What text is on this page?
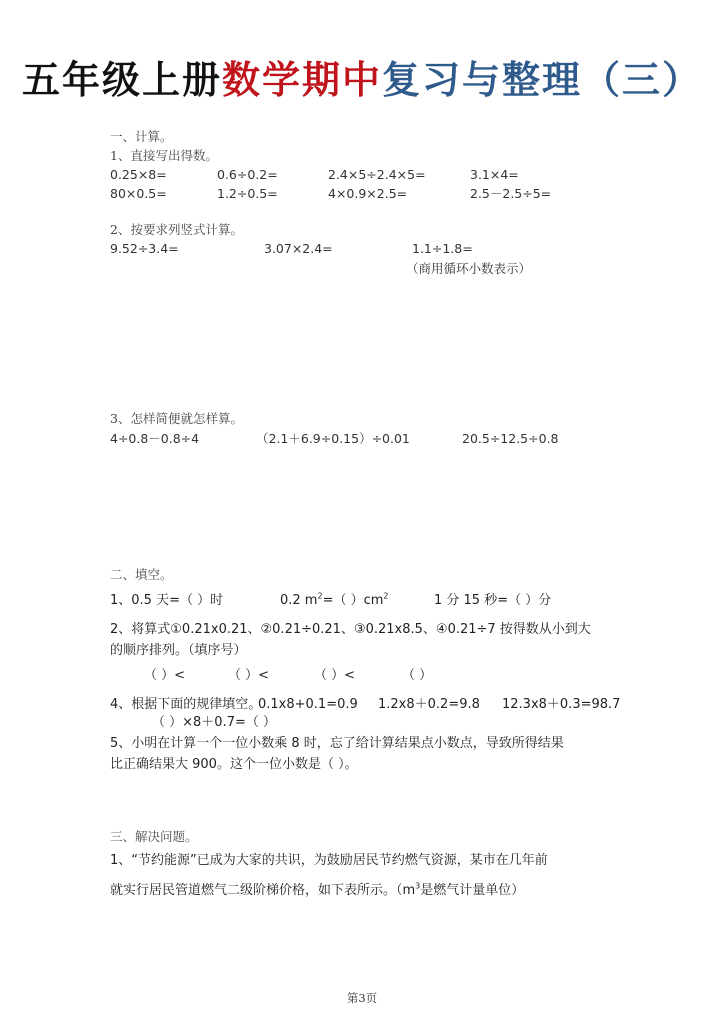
五年级上册数学期中复习与整理（三）
一、计算。
1、直接写出得数。
0.25×8=	0.6÷0.2=	2.4×5÷2.4×5=	3.1×4=
80×0.5=	1.2÷0.5=	4×0.9×2.5=	2.5－2.5÷5=
2、按要求列竖式计算。
9.52÷3.4=	3.07×2.4=	1.1÷1.8=
（商用循环小数表示）
3、怎样简便就怎样算。
4÷0.8－0.8÷4	（2.1＋6.9÷0.15）÷0.01	20.5÷12.5÷0.8
二、填空。
1、0.5 天=（ ）时	0.2 $m^2=$（ ）$cm^2$	1 分 15 秒=（ ）分
2、将算式①0.21x0.21、②0.21÷0.21、③0.21x8.5、④0.21÷7 按得数从小到大
的顺序排列。（填序号）
（ ）<	（ ）<	（ ）<	（ ）
4、根据下面的规律填空。
0.1x8+0.1=0.9 1.2x8＋0.2=9.8 12.3x8＋0.3=98.7
（ ）×8＋0.7=（ ）
5、小明在计算一个一位小数乘 8 时，忘了给计算结果点小数点，导致所得结果
比正确结果大 900。这个一位小数是（ ）。
三、解决问题。
1、“节约能源”已成为大家的共识，为鼓励居民节约燃气资源，某市在几年前
就实行居民管道燃气二级阶梯价格，如下表所示。（$m^3$是燃气计量单位）
第3页
